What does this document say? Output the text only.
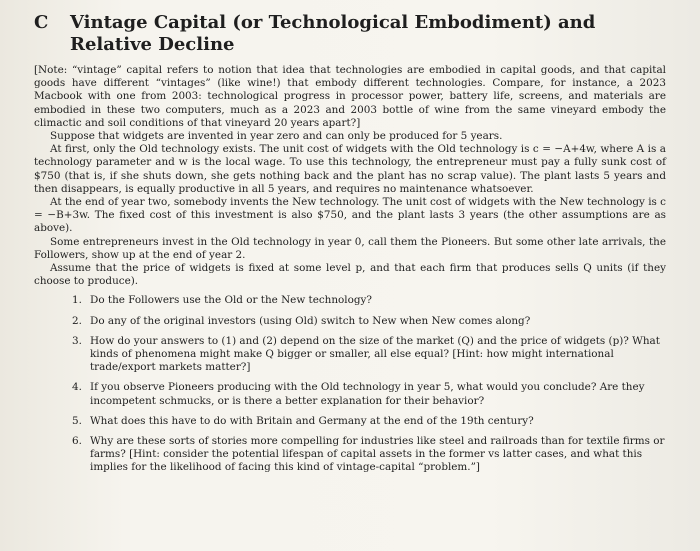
C	Vintage Capital (or Technological Embodiment) and Relative Decline

[Note: “vintage” capital refers to notion that idea that technologies are embodied in capital goods, and that capital goods have different “vintages” (like wine!) that embody different technologies. Compare, for instance, a 2023 Macbook with one from 2003: technological progress in processor power, battery life, screens, and materials are embodied in these two computers, much as a 2023 and 2003 bottle of wine from the same vineyard embody the climactic and soil conditions of that vineyard 20 years apart?]

Suppose that widgets are invented in year zero and can only be produced for 5 years.

At first, only the Old technology exists. The unit cost of widgets with the Old technology is c = −A+4w, where A is a technology parameter and w is the local wage. To use this technology, the entrepreneur must pay a fully sunk cost of $750 (that is, if she shuts down, she gets nothing back and the plant has no scrap value). The plant lasts 5 years and then disappears, is equally productive in all 5 years, and requires no maintenance whatsoever.

At the end of year two, somebody invents the New technology. The unit cost of widgets with the New technology is c = −B+3w. The fixed cost of this investment is also $750, and the plant lasts 3 years (the other assumptions are as above).

Some entrepreneurs invest in the Old technology in year 0, call them the Pioneers. But some other late arrivals, the Followers, show up at the end of year 2.

Assume that the price of widgets is fixed at some level p, and that each firm that produces sells Q units (if they choose to produce).

1. Do the Followers use the Old or the New technology?
2. Do any of the original investors (using Old) switch to New when New comes along?
3. How do your answers to (1) and (2) depend on the size of the market (Q) and the price of widgets (p)? What kinds of phenomena might make Q bigger or smaller, all else equal? [Hint: how might international trade/export markets matter?]
4. If you observe Pioneers producing with the Old technology in year 5, what would you conclude? Are they incompetent schmucks, or is there a better explanation for their behavior?
5. What does this have to do with Britain and Germany at the end of the 19th century?
6. Why are these sorts of stories more compelling for industries like steel and railroads than for textile firms or farms? [Hint: consider the potential lifespan of capital assets in the former vs latter cases, and what this implies for the likelihood of facing this kind of vintage-capital “problem.”]
